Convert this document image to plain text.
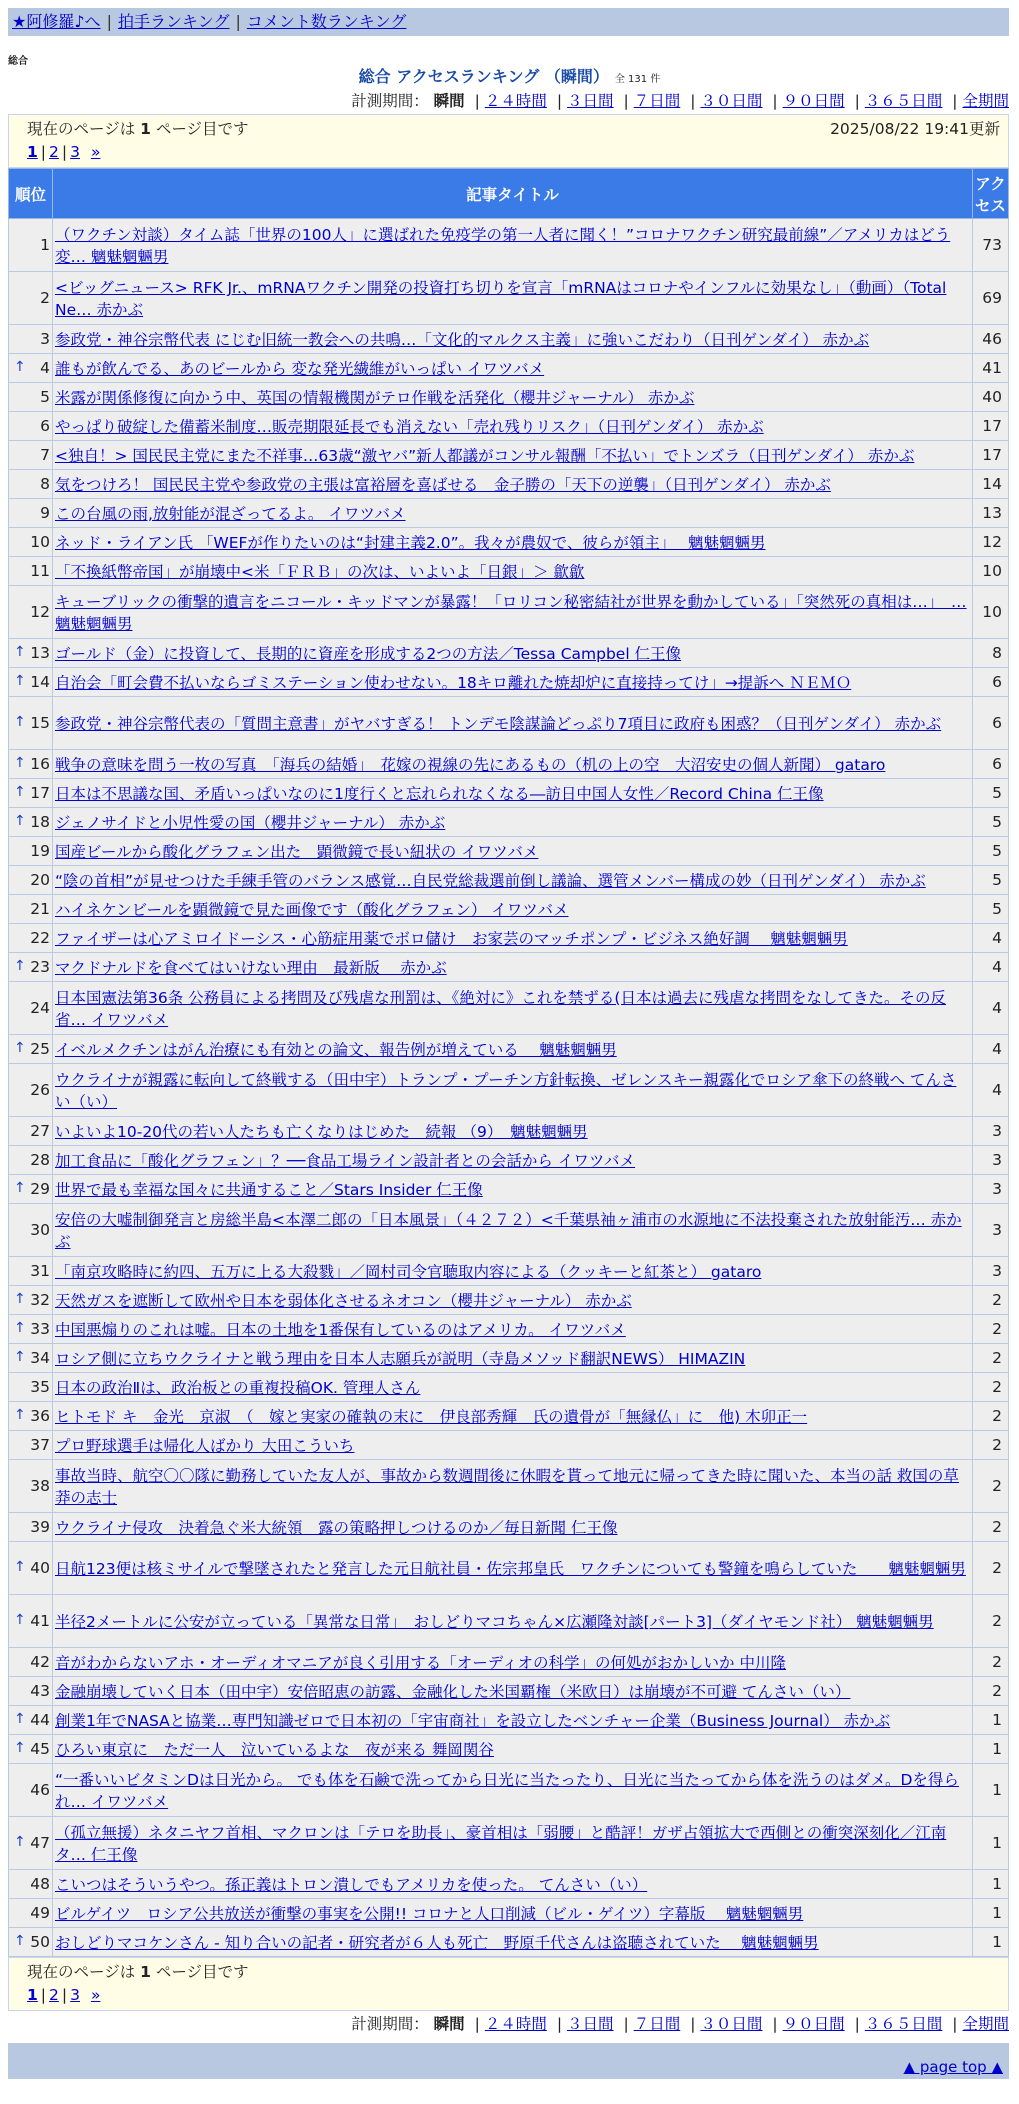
★阿修羅♪へ | 拍手ランキング | コメント数ランキング
総合
総合 アクセスランキング （瞬間） 全 131 件
計測期間： 瞬間 | ２４時間 | ３日間 | ７日間 | ３０日間 | ９０日間 | ３６５日間 | 全期間
現在のページは 1 ページ目です	2025/08/22 19:41更新
1 | 2 | 3 »
順位	記事タイトル	アクセス
1	（ワクチン対談）タイム誌「世界の100人」に選ばれた免疫学の第一人者に聞く！”コロナワクチン研究最前線”／アメリカはどう変… 魑魅魍魎男	73
2	<ビッグニュース> RFK Jr.、mRNAワクチン開発の投資打ち切りを宣言「mRNAはコロナやインフルに効果なし」（動画）（Total Ne… 赤かぶ	69
3	参政党・神谷宗幣代表 にじむ旧統一教会への共鳴…「文化的マルクス主義」に強いこだわり（日刊ゲンダイ） 赤かぶ	46

↑ 4	誰もが飲んでる、あのビールから 変な発光繊維がいっぱい イワツバメ	41
5	米露が関係修復に向かう中、英国の情報機関がテロ作戦を活発化（櫻井ジャーナル） 赤かぶ	40
6	やっぱり破綻した備蓄米制度…販売期限延長でも消えない「売れ残りリスク」（日刊ゲンダイ） 赤かぶ	17
7	<独自！> 国民民主党にまた不祥事…63歳“激ヤバ”新人都議がコンサル報酬「不払い」でトンズラ（日刊ゲンダイ） 赤かぶ	17
8	気をつけろ！ 国民民主党や参政党の主張は富裕層を喜ばせる　金子勝の「天下の逆襲」（日刊ゲンダイ） 赤かぶ	14
9	この台風の雨,放射能が混ざってるよ。 イワツバメ	13
10	ネッド・ライアン氏 「WEFが作りたいのは“封建主義2.0”。我々が農奴で、彼らが領主」　 魑魅魍魎男	12
11	「不換紙幣帝国」が崩壊中<米「ＦＲＢ」の次は、いよいよ「日銀」＞ 歙歙	10
12	キューブリックの衝撃的遺言をニコール・キッドマンが暴露！「ロリコン秘密結社が世界を動かしている」「突然死の真相は…」　… 魑魅魍魎男	10

↑ 13	ゴールド（金）に投資して、長期的に資産を形成する2つの方法／Tessa Campbel 仁王像	8

↑ 14	自治会「町会費不払いならゴミステーション使わせない。18キロ離れた焼却炉に直接持ってけ」→提訴へ ＮＥＭＯ	6

↑ 15	参政党・神谷宗幣代表の「質問主意書」がヤバすぎる！ トンデモ陰謀論どっぷり7項目に政府も困惑？（日刊ゲンダイ） 赤かぶ	6

↑ 16	戦争の意味を問う一枚の写真　「海兵の結婚」　花嫁の視線の先にあるもの（机の上の空　大沼安史の個人新聞） gataro	6

↑ 17	日本は不思議な国、矛盾いっぱいなのに1度行くと忘れられなくなる―訪日中国人女性／Record China 仁王像	5

↑ 18	ジェノサイドと小児性愛の国（櫻井ジャーナル） 赤かぶ	5
19	国産ビールから酸化グラフェン出た　顕微鏡で長い紐状の イワツバメ	5
20	“陰の首相”が見せつけた手練手管のバランス感覚…自民党総裁選前倒し議論、選管メンバー構成の妙（日刊ゲンダイ） 赤かぶ	5
21	ハイネケンビールを顕微鏡で見た画像です（酸化グラフェン） イワツバメ	5
22	ファイザーは心アミロイドーシス・心筋症用薬でボロ儲け　お家芸のマッチポンプ・ビジネス絶好調　 魑魅魍魎男	4

↑ 23	マクドナルドを食べてはいけない理由　最新版　 赤かぶ	4
24	日本国憲法第36条 公務員による拷問及び残虐な刑罰は、《絶対に》これを禁ずる(日本は過去に残虐な拷問をなしてきた。その反省… イワツバメ	4

↑ 25	イベルメクチンはがん治療にも有効との論文、報告例が増えている　 魑魅魍魎男	4
26	ウクライナが親露に転向して終戦する（田中宇）トランプ・プーチン方針転換、ゼレンスキー親露化でロシア傘下の終戦へ てんさい（い）	4
27	いよいよ10-20代の若い人たちも亡くなりはじめた　続報 （9）　魑魅魍魎男	3
28	加工食品に「酸化グラフェン」？──食品工場ライン設計者との会話から イワツバメ	3

↑ 29	世界で最も幸福な国々に共通すること／Stars Insider 仁王像	3
30	安倍の大嘘制御発言と房総半島<本澤二郎の「日本風景」（４２７２）<千葉県袖ヶ浦市の水源地に不法投棄された放射能汚… 赤かぶ	3
31	「南京攻略時に約四、五万に上る大殺戮」／岡村司令官聴取内容による（クッキーと紅茶と） gataro	3

↑ 32	天然ガスを遮断して欧州や日本を弱体化させるネオコン（櫻井ジャーナル） 赤かぶ	2

↑ 33	中国悪煽りのこれは嘘。日本の土地を1番保有しているのはアメリカ。 イワツバメ	2

↑ 34	ロシア側に立ちウクライナと戦う理由を日本人志願兵が説明（寺島メソッド翻訳NEWS） HIMAZIN	2
35	日本の政治Ⅱは、政治板との重複投稿OK. 管理人さん	2

↑ 36	ヒトモド キ　金光　京淑　（　嫁と実家の確執の末に　伊良部秀輝　氏の遺骨が「無縁仏」に　他) 木卯正一	2
37	プロ野球選手は帰化人ばかり 大田こういち	2
38	事故当時、航空〇〇隊に勤務していた友人が、事故から数週間後に休暇を貰って地元に帰ってきた時に聞いた、本当の話 救国の草莽の志士	2
39	ウクライナ侵攻　決着急ぐ米大統領　露の策略押しつけるのか／毎日新聞 仁王像	2

↑ 40	日航123便は核ミサイルで撃墜されたと発言した元日航社員・佐宗邦皇氏　ワクチンについても警鐘を鳴らしていた　　魑魅魍魎男	2

↑ 41	半径2メートルに公安が立っている「異常な日常」　おしどりマコちゃん×広瀬隆対談[パート3]（ダイヤモンド社） 魑魅魍魎男	2
42	音がわからないアホ・オーディオマニアが良く引用する「オーディオの科学」の何処がおかしいか 中川隆	2
43	金融崩壊していく日本（田中宇）安倍昭恵の訪露、金融化した米国覇権（米欧日）は崩壊が不可避 てんさい（い）	2

↑ 44	創業1年でNASAと協業…専門知識ゼロで日本初の「宇宙商社」を設立したベンチャー企業（Business Journal） 赤かぶ	1

↑ 45	ひろい東京に　ただ一人　泣いているよな　夜が来る 舞岡関谷	1
46	“一番いいビタミンDは日光から。 でも体を石鹸で洗ってから日光に当たったり、日光に当たってから体を洗うのはダメ。Dを得られ… イワツバメ	1

↑ 47	（孤立無援）ネタニヤフ首相、マクロンは「テロを助長」、豪首相は「弱腰」と酷評！ガザ占領拡大で西側との衝突深刻化／江南タ… 仁王像	1
48	こいつはそういうやつ。孫正義はトロン潰しでもアメリカを使った。 てんさい（い）	1
49	ビルゲイツ　ロシア公共放送が衝撃の事実を公開!! コロナと人口削減（ビル・ゲイツ）字幕版　 魑魅魍魎男	1

↑ 50	おしどりマコケンさん - 知り合いの記者・研究者が６人も死亡　野原千代さんは盗聴されていた　 魑魅魍魎男	1
現在のページは 1 ページ目です
1 | 2 | 3 »
計測期間： 瞬間 | ２４時間 | ３日間 | ７日間 | ３０日間 | ９０日間 | ３６５日間 | 全期間
▲ page top ▲
